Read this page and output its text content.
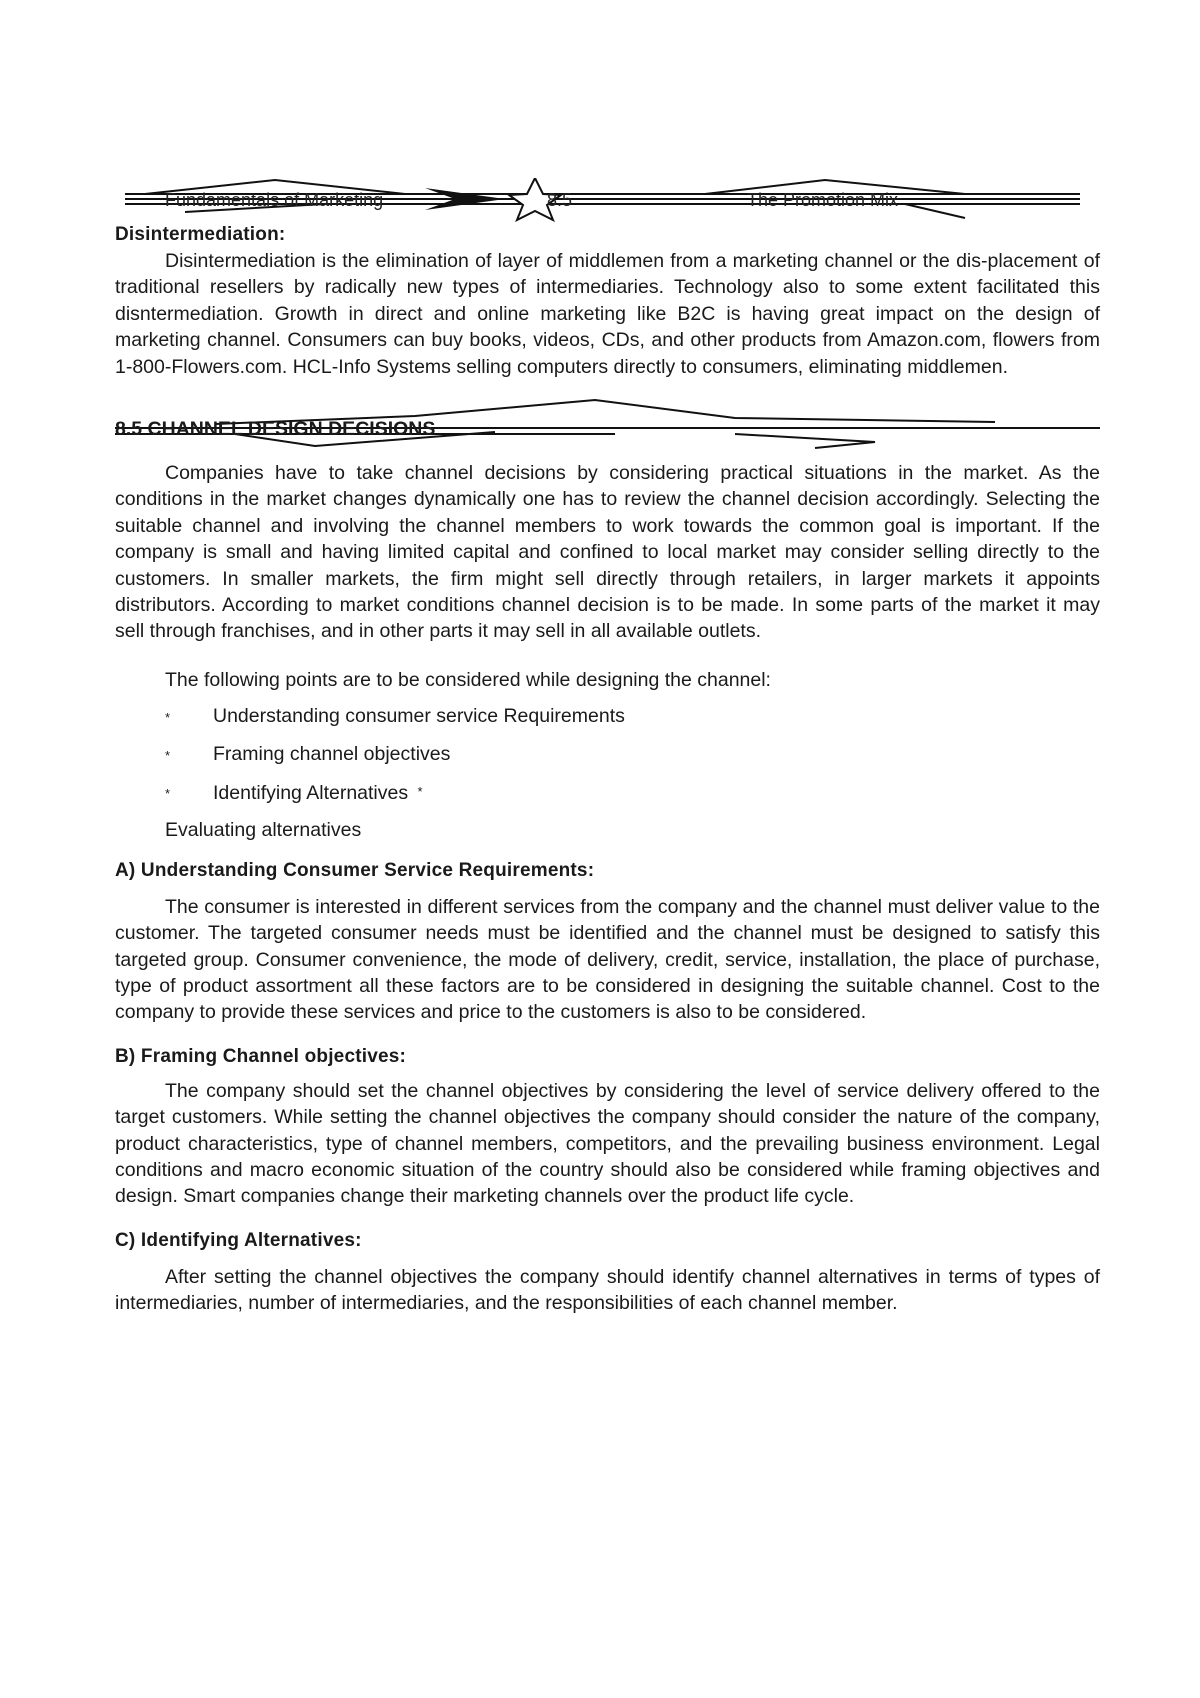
Fundamentals of Marketing	8.5	The Promotion Mix
Disintermediation:

Disintermediation is the elimination of layer of middlemen from a marketing channel or the dis-placement of traditional resellers by radically new types of intermediaries. Technology also to some extent facilitated this disntermediation. Growth in direct and online marketing like B2C is having great impact on the design of marketing channel. Consumers can buy books, videos, CDs, and other products from Amazon.com, flowers from 1-800-Flowers.com. HCL-Info Systems selling computers directly to consumers, eliminating middlemen.

8.5 CHANNEL DESIGN DECISIONS

Companies have to take channel decisions by considering practical situations in the market. As the conditions in the market changes dynamically one has to review the channel decision accordingly. Selecting the suitable channel and involving the channel members to work towards the common goal is important. If the company is small and having limited capital and confined to local market may consider selling directly to the customers. In smaller markets, the firm might sell directly through retailers, in larger markets it appoints distributors. According to market conditions channel decision is to be made. In some parts of the market it may sell through franchises, and in other parts it may sell in all available outlets.

The following points are to be considered while designing the channel:

* Understanding consumer service Requirements
* Framing channel objectives
* Identifying Alternatives *

Evaluating alternatives

A) Understanding Consumer Service Requirements:

The consumer is interested in different services from the company and the channel must deliver value to the customer. The targeted consumer needs must be identified and the channel must be designed to satisfy this targeted group. Consumer convenience, the mode of delivery, credit, service, installation, the place of purchase, type of product assortment all these factors are to be considered in designing the suitable channel. Cost to the company to provide these services and price to the customers is also to be considered.

B) Framing Channel objectives:

The company should set the channel objectives by considering the level of service delivery offered to the target customers. While setting the channel objectives the company should consider the nature of the company, product characteristics, type of channel members, competitors, and the prevailing business environment. Legal conditions and macro economic situation of the country should also be considered while framing objectives and design. Smart companies change their marketing channels over the product life cycle.

C) Identifying Alternatives:

After setting the channel objectives the company should identify channel alternatives in terms of types of intermediaries, number of intermediaries, and the responsibilities of each channel member.
